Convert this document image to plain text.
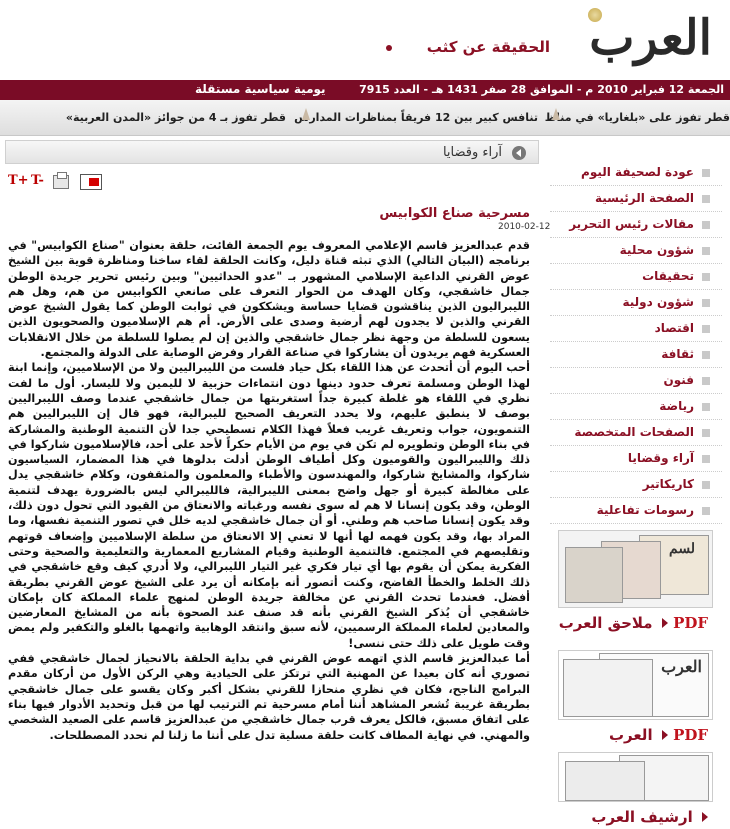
العرب
الحقيقة عن كثب
الجمعة 12 فبراير 2010 م - الموافق 28 صفر 1431 هـ - العدد 7915
يومية سياسية مستقلة
قطر تفوز على «بلغاريا» في مناظ
تنافس كبير بين 12 فريقاً بمناظرات المدارس
قطر تفوز بـ 4 من جوائز «المدن العربية»
آراء وقضايا
T+ T-
مسرحية صناع الكوابيس
2010-02-12

قدم عبدالعزيز قاسم الإعلامي المعروف يوم الجمعة الفائت، حلقة بعنوان "صناع الكوابيس" في برنامجه (البيان التالي) الذي تبثه قناة دليل، وكانت الحلقة لقاء ساخنا ومناظرة قوية بين الشيخ عوض القرني الداعية الإسلامي المشهور بـ "عدو الحداثيين" وبين رئيس تحرير جريدة الوطن جمال خاشقجي، وكان الهدف من الحوار التعرف على صانعي الكوابيس من هم، وهل هم الليبراليون الذين يناقشون قضايا حساسة ويشككون في ثوابت الوطن كما يقول الشيخ عوض القرني والذين لا يجدون لهم أرضية وصدى على الأرض. أم هم الإسلاميون والصحويون الذين يسعون للسلطة من وجهة نظر جمال خاشقجي والذين إن لم يصلوا للسلطة من خلال الانقلابات العسكرية فهم يريدون أن يشاركوا في صناعة القرار وفرض الوصاية على الدولة والمجتمع.

أحب اليوم أن أتحدث عن هذا اللقاء بكل حياد فلست من الليبراليين ولا من الإسلاميين، وإنما ابنة لهذا الوطن ومسلمة تعرف حدود دينها دون انتماءات حزبية لا لليمين ولا لليسار. أول ما لفت نظري في اللقاء هو غلطة كبيرة جداً استغربتها من جمال خاشقجي عندما وصف الليبراليين بوصف لا ينطبق عليهم، ولا يحدد التعريف الصحيح لليبرالية، فهو قال إن الليبراليين هم التنمويون، جواب وتعريف غريب فعلاً فهذا الكلام تسطيحي جدا لأن التنمية الوطنية والمشاركة في بناء الوطن وتطويره لم تكن في يوم من الأيام حكراً لأحد على أحد، فالإسلاميون شاركوا في ذلك والليبراليون والقوميون وكل أطياف الوطن أدلت بدلوها في هذا المضمار، السياسيون شاركوا، والمشايخ شاركوا، والمهندسون والأطباء والمعلمون والمثقفون، وكلام خاشقجي يدل على مغالطة كبيرة أو جهل واضح بمعنى الليبرالية، فالليبرالي ليس بالضرورة يهدف لتنمية الوطن، وقد يكون إنسانا لا هم له سوى نفسه ورغباته والانعتاق من القيود التي تحول دون ذلك، وقد يكون إنسانا صاحب هم وطني. أو أن جمال خاشقجي لديه خلل في تصور التنمية نفسها، وما المراد بها، وقد يكون فهمه لها أنها لا تعني إلا الانعتاق من سلطة الإسلاميين وإضعاف قوتهم وتقليصهم في المجتمع. فالتنمية الوطنية وقيام المشاريع المعمارية والتعليمية والصحية وحتى الفكرية يمكن أن يقوم بها أي تيار فكري غير التيار الليبرالي، ولا أدري كيف وقع خاشقجي في ذلك الخلط والخطأ الفاضح، وكنت أتصور أنه بإمكانه أن يرد على الشيخ عوض القرني بطريقة أفضل. فعندما تحدث القرني عن مخالفة جريدة الوطن لمنهج علماء المملكة كان بإمكان خاشقجي أن يُذكر الشيخ القرني بأنه قد صنف عند الصحوة بأنه من المشايخ المعارضين والمعادين لعلماء المملكة الرسميين، لأنه سبق وانتقد الوهابية واتهمها بالغلو والتكفير ولم يمض وقت طويل على ذلك حتى ننسى!

أما عبدالعزيز قاسم الذي اتهمه عوض القرني في بداية الحلقة بالانحياز لجمال خاشقجي ففي تصوري أنه كان بعيدا عن المهنية التي ترتكز على الحيادية وهي الركن الأول من أركان مقدم البرامج الناجح، فكان في نظري منحازا للقرني بشكل أكبر وكان يقسو على جمال خاشقجي بطريقة غريبة تُشعر المشاهد أننا أمام مسرحية تم الترتيب لها من قبل وتحديد الأدوار فيها بناء على اتفاق مسبق، فالكل يعرف قرب جمال خاشقجي من عبدالعزيز قاسم على الصعيد الشخصي والمهني. في نهاية المطاف كانت حلقة مسلية تدل على أننا ما زلنا لم نحدد المصطلحات.

عودة لصحيفة اليوم
الصفحة الرئيسية
مقالات رئيس التحرير
شؤون محلية
تحقيقات
شؤون دولية
اقتصاد
ثقافة
فنون
رياضة
الصفحات المتخصصة
آراء وقضايا
كاريكاتير
رسومات تفاعلية
لسم
PDF  ملاحق العرب
العرب
PDF  العرب
ارشيف العرب
